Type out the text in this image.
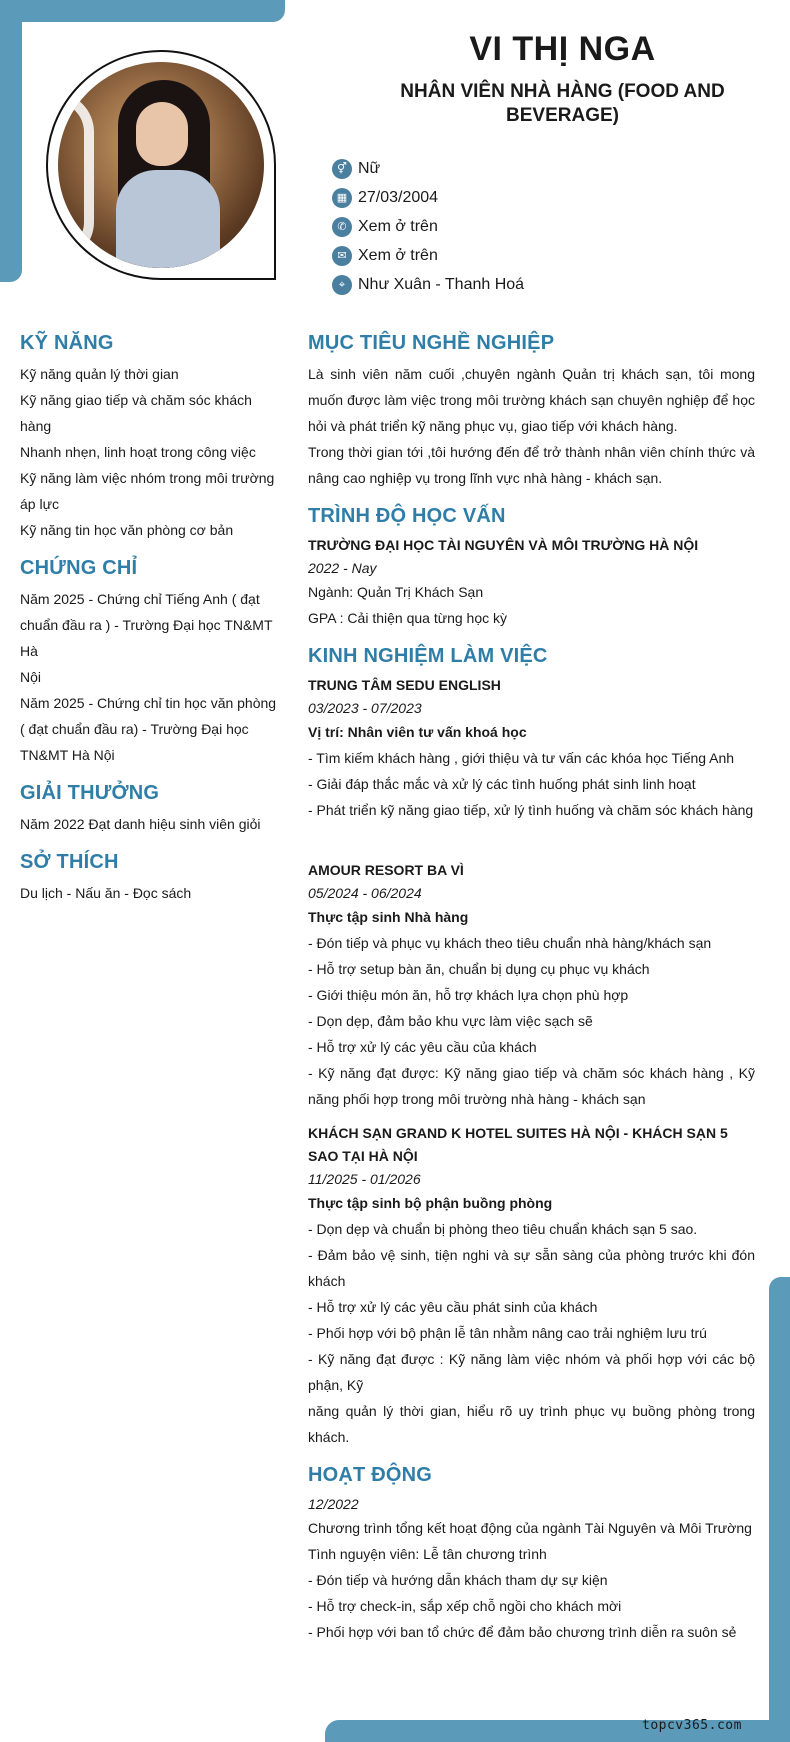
VI THỊ NGA
NHÂN VIÊN NHÀ HÀNG (FOOD AND BEVERAGE)
⚥ Nữ
▦ 27/03/2004
✆ Xem ở trên
✉ Xem ở trên
⌖ Như Xuân - Thanh Hoá
KỸ NĂNG
Kỹ năng quản lý thời gian
Kỹ năng giao tiếp và chăm sóc khách hàng
Nhanh nhẹn, linh hoạt trong công việc
Kỹ năng làm việc nhóm trong môi trường áp lực
Kỹ năng tin học văn phòng cơ bản
CHỨNG CHỈ
Năm 2025 - Chứng chỉ Tiếng Anh ( đạt chuẩn đầu ra ) - Trường Đại học TN&MT Hà
Nội
Năm 2025 - Chứng chỉ tin học văn phòng ( đạt chuẩn đầu ra) - Trường Đại học TN&MT Hà Nội
GIẢI THƯỞNG
Năm 2022 Đạt danh hiệu sinh viên giỏi
SỞ THÍCH
Du lịch - Nấu ăn - Đọc sách
MỤC TIÊU NGHỀ NGHIỆP
Là sinh viên năm cuối ,chuyên ngành Quản trị khách sạn, tôi mong muốn được làm việc trong môi trường khách sạn chuyên nghiệp để học hỏi và phát triển kỹ năng phục vụ, giao tiếp với khách hàng.
Trong thời gian tới ,tôi hướng đến để trở thành nhân viên chính thức và nâng cao nghiệp vụ trong lĩnh vực nhà hàng - khách sạn.
TRÌNH ĐỘ HỌC VẤN
TRƯỜNG ĐẠI HỌC TÀI NGUYÊN VÀ MÔI TRƯỜNG HÀ NỘI
2022 - Nay
Ngành: Quản Trị Khách Sạn
GPA : Cải thiện qua từng học kỳ
KINH NGHIỆM LÀM VIỆC
TRUNG TÂM SEDU ENGLISH
03/2023 - 07/2023
Vị trí: Nhân viên tư vấn khoá học
- Tìm kiếm khách hàng , giới thiệu và tư vấn các khóa học Tiếng Anh
- Giải đáp thắc mắc và xử lý các tình huống phát sinh linh hoạt
- Phát triển kỹ năng giao tiếp, xử lý tình huống và chăm sóc khách hàng
AMOUR RESORT BA VÌ
05/2024 - 06/2024
Thực tập sinh Nhà hàng
- Đón tiếp và phục vụ khách theo tiêu chuẩn nhà hàng/khách sạn
- Hỗ trợ setup bàn ăn, chuẩn bị dụng cụ phục vụ khách
- Giới thiệu món ăn, hỗ trợ khách lựa chọn phù hợp
- Dọn dẹp, đảm bảo khu vực làm việc sạch sẽ
- Hỗ trợ xử lý các yêu cầu của khách
- Kỹ năng đạt được: Kỹ năng giao tiếp và chăm sóc khách hàng , Kỹ năng phối hợp trong môi trường nhà hàng - khách sạn
KHÁCH SẠN GRAND K HOTEL SUITES HÀ NỘI - KHÁCH SẠN 5 SAO TẠI HÀ NỘI
11/2025 - 01/2026
Thực tập sinh bộ phận buồng phòng
- Dọn dẹp và chuẩn bị phòng theo tiêu chuẩn khách sạn 5 sao.
- Đảm bảo vệ sinh, tiện nghi và sự sẵn sàng của phòng trước khi đón khách
- Hỗ trợ xử lý các yêu cầu phát sinh của khách
- Phối hợp với bộ phận lễ tân nhằm nâng cao trải nghiệm lưu trú
- Kỹ năng đạt được : Kỹ năng làm việc nhóm và phối hợp với các bộ phận, Kỹ
năng quản lý thời gian, hiểu rõ uy trình phục vụ buồng phòng trong khách.
HOẠT ĐỘNG
12/2022
Chương trình tổng kết hoạt động của ngành Tài Nguyên và Môi Trường
Tình nguyện viên: Lễ tân chương trình
- Đón tiếp và hướng dẫn khách tham dự sự kiện
- Hỗ trợ check-in, sắp xếp chỗ ngồi cho khách mời
- Phối hợp với ban tổ chức để đảm bảo chương trình diễn ra suôn sẻ
topcv365.com
